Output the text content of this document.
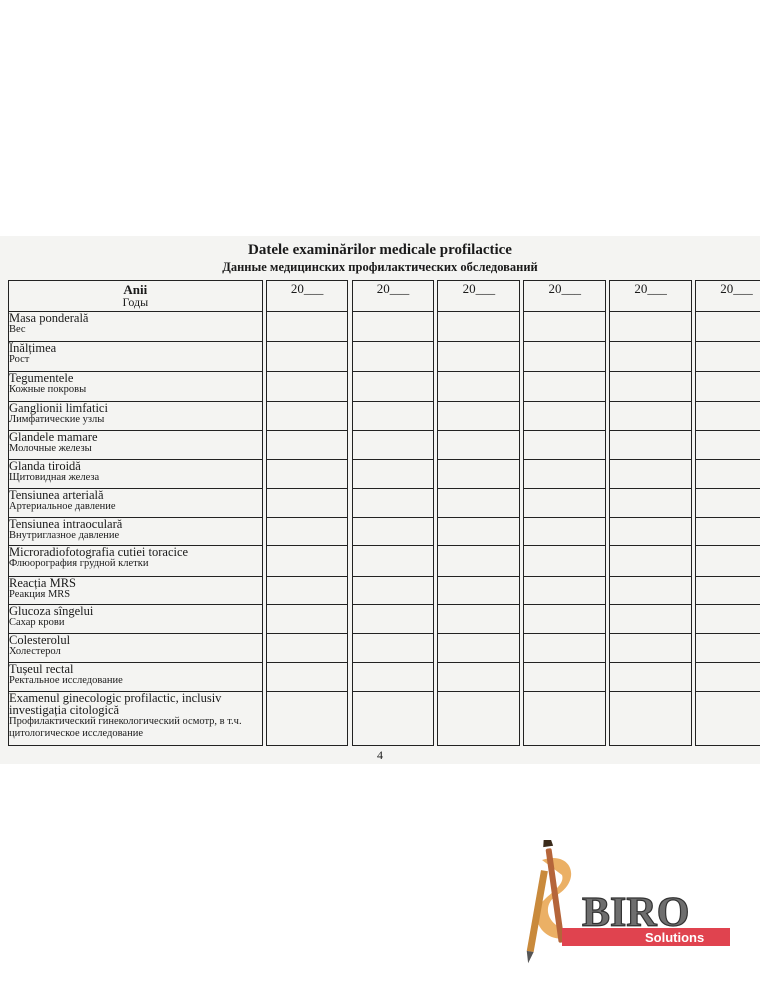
Datele examinărilor medicale profilactice
Данные медицинских профилактических обследований
Anii
Годы		20___		20___		20___		20___		20___		20___

Masa ponderală
Вес												

Înălțimea
Рост												

Tegumentele
Кожные покровы												

Ganglionii limfatici
Лимфатические узлы												

Glandele mamare
Молочные железы												

Glanda tiroidă
Щитовидная железа												

Tensiunea arterială
Артериальное давление												

Tensiunea intraoculară
Внутриглазное давление												

Microradiofotografia cutiei toracice
Флюорография грудной клетки												

Reacția MRS
Реакция MRS												

Glucoza sîngelui
Сахар крови												

Colesterolul
Холестерол												

Tușeul rectal
Ректальное исследование												

Examenul ginecologic profilactic, inclusiv investigația citologică
Профилактический гинекологический осмотр, в т.ч. цитологическое исследование												

4
BIRO
Solutions
